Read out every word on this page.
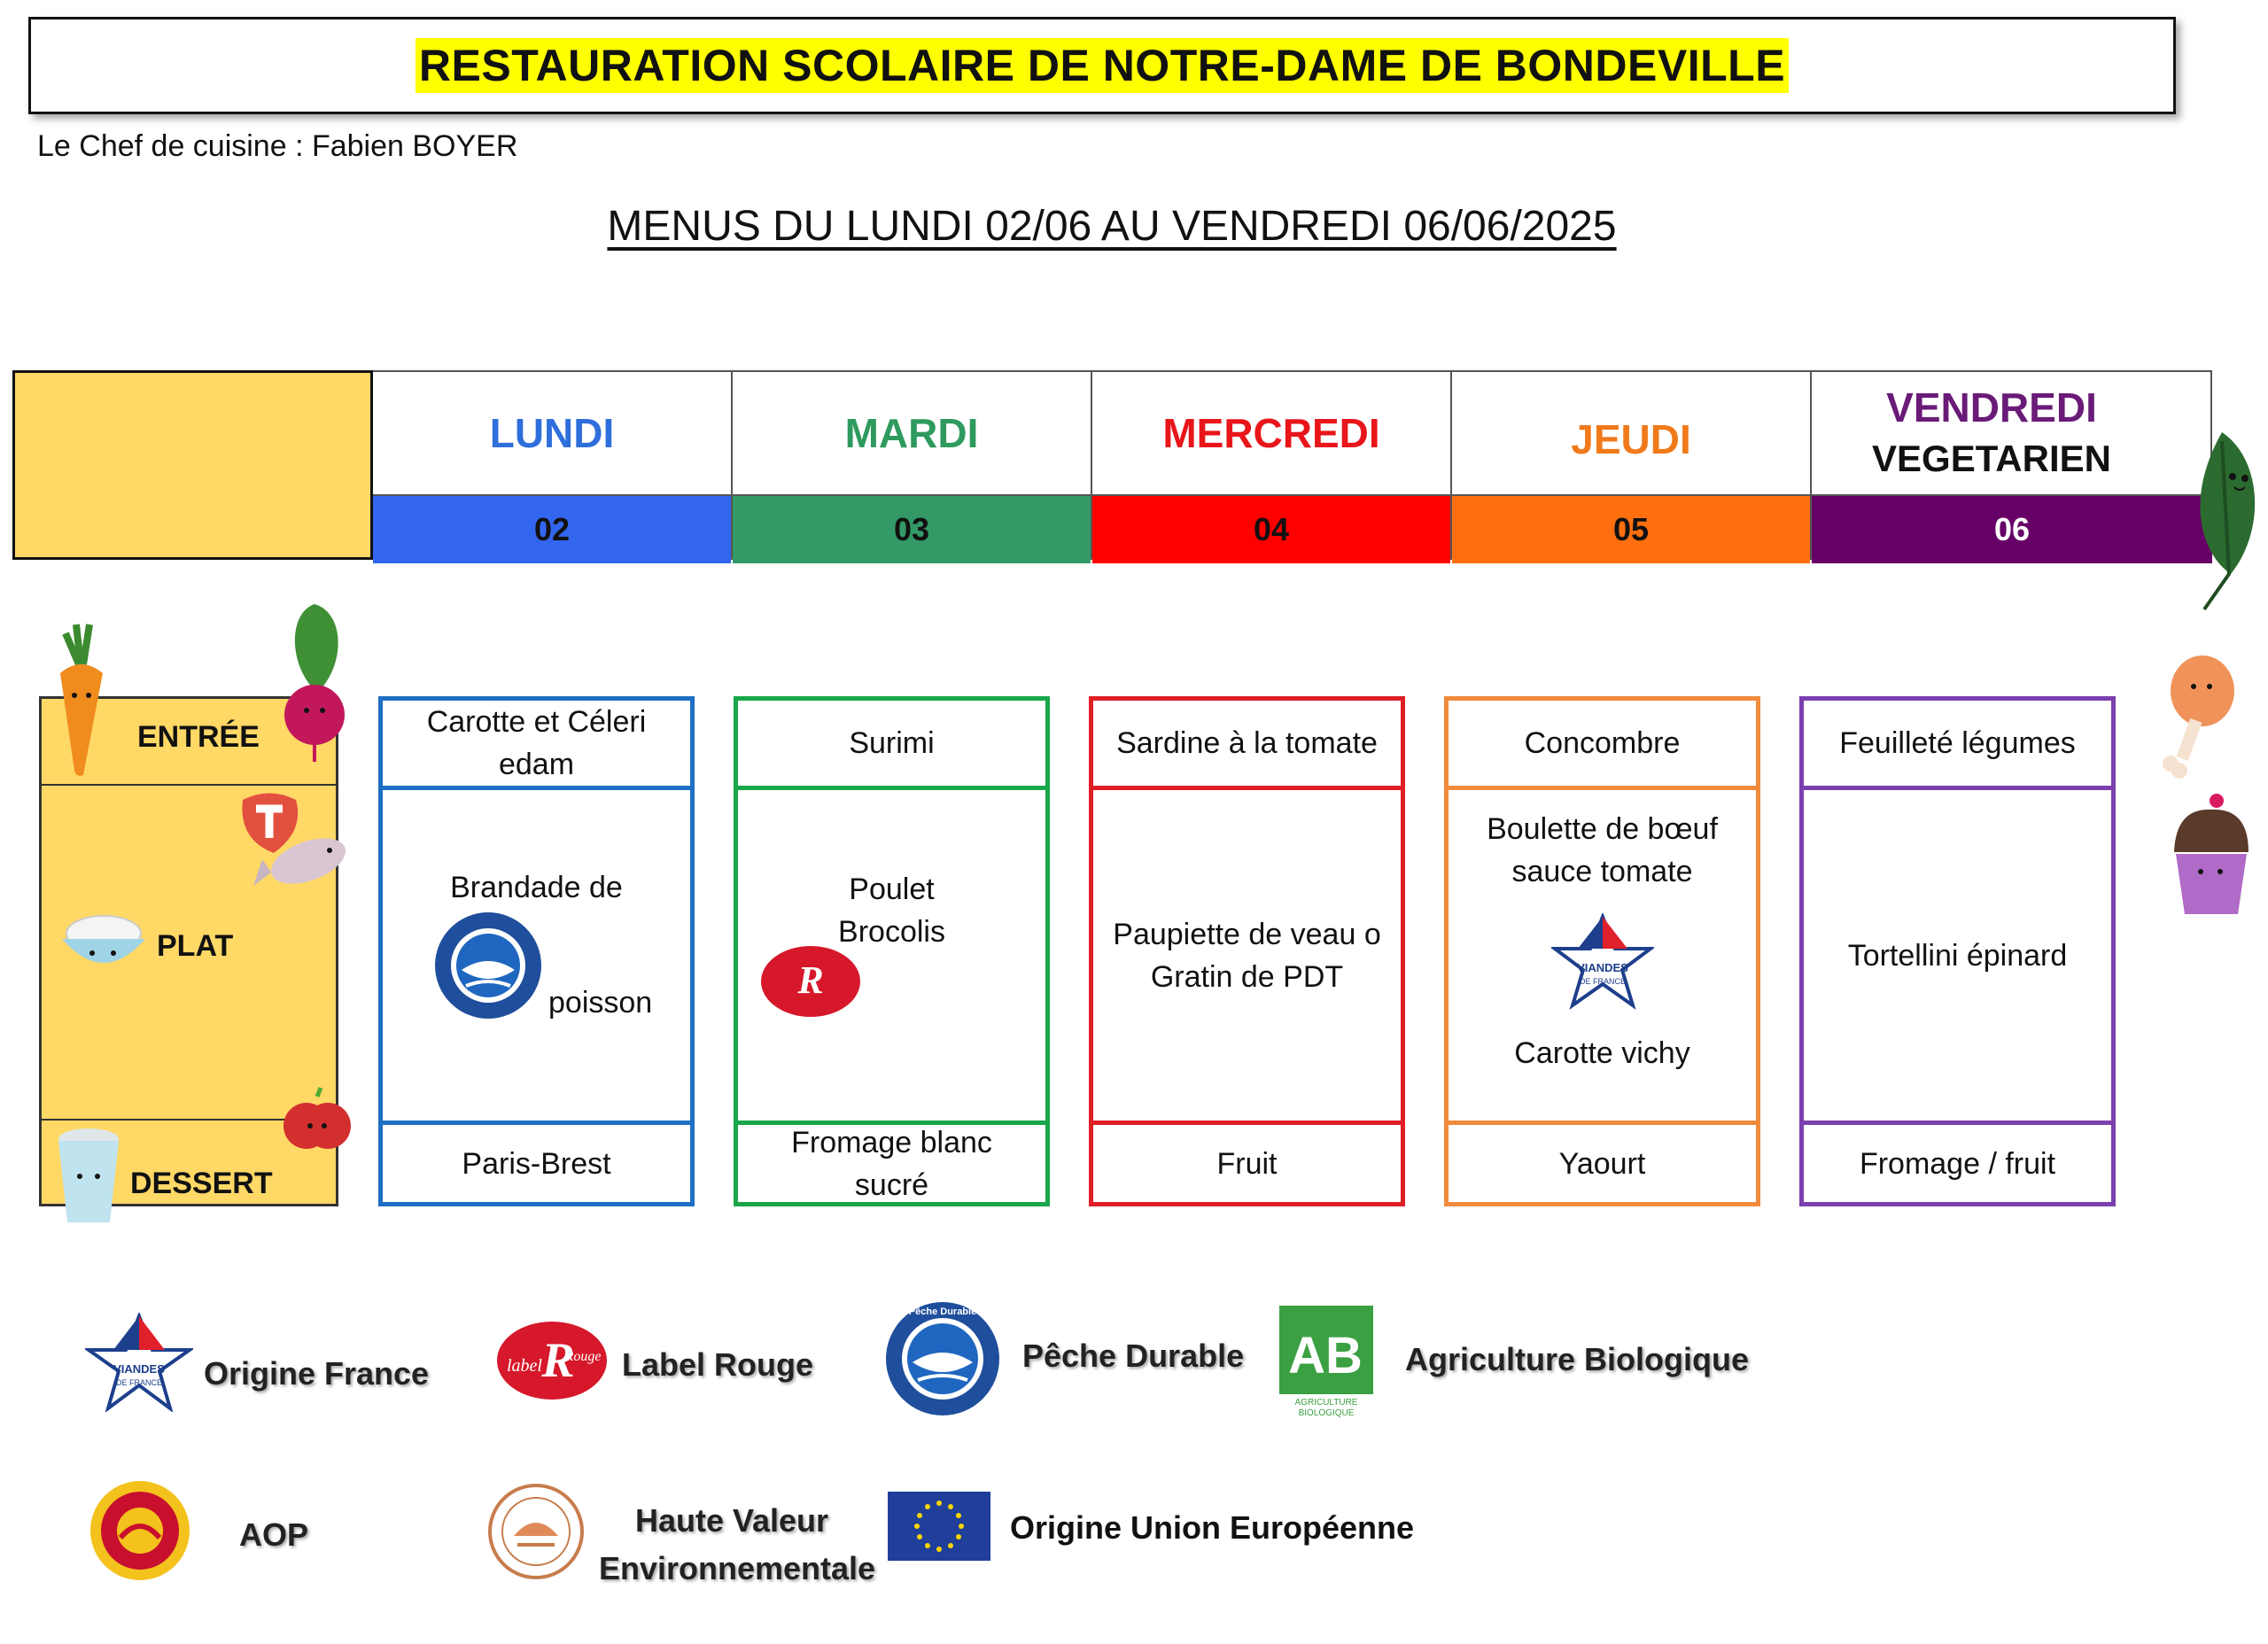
RESTAURATION SCOLAIRE DE NOTRE-DAME DE BONDEVILLE
Le Chef de cuisine : Fabien BOYER
MENUS DU LUNDI 02/06 AU VENDREDI 06/06/2025
LUNDI
02
MARDI
03
MERCREDI
04
JEUDI
05
VENDREDI
VEGETARIEN
06
ENTRÉE
PLAT
DESSERT
Carotte et Céleri
edam
Brandade de
poisson
Paris-Brest
Surimi
Poulet
Brocolis
R
Fromage blanc
sucré
Sardine à la tomate
Paupiette de veau o
Gratin de PDT
Fruit
Concombre
Boulette de bœuf
sauce tomate
VIANDES
DE FRANCE
Carotte vichy
Yaourt
Feuilleté légumes
Tortellini épinard
Fromage / fruit
VIANDES
DE FRANCE Origine France	label R
Rouge Label Rouge
Pêche Durable
Pêche Durable AB
AGRICULTURE
BIOLOGIQUE
Agriculture Biologique
AOP	Haute Valeur
Environnementale
Origine Union Européenne
